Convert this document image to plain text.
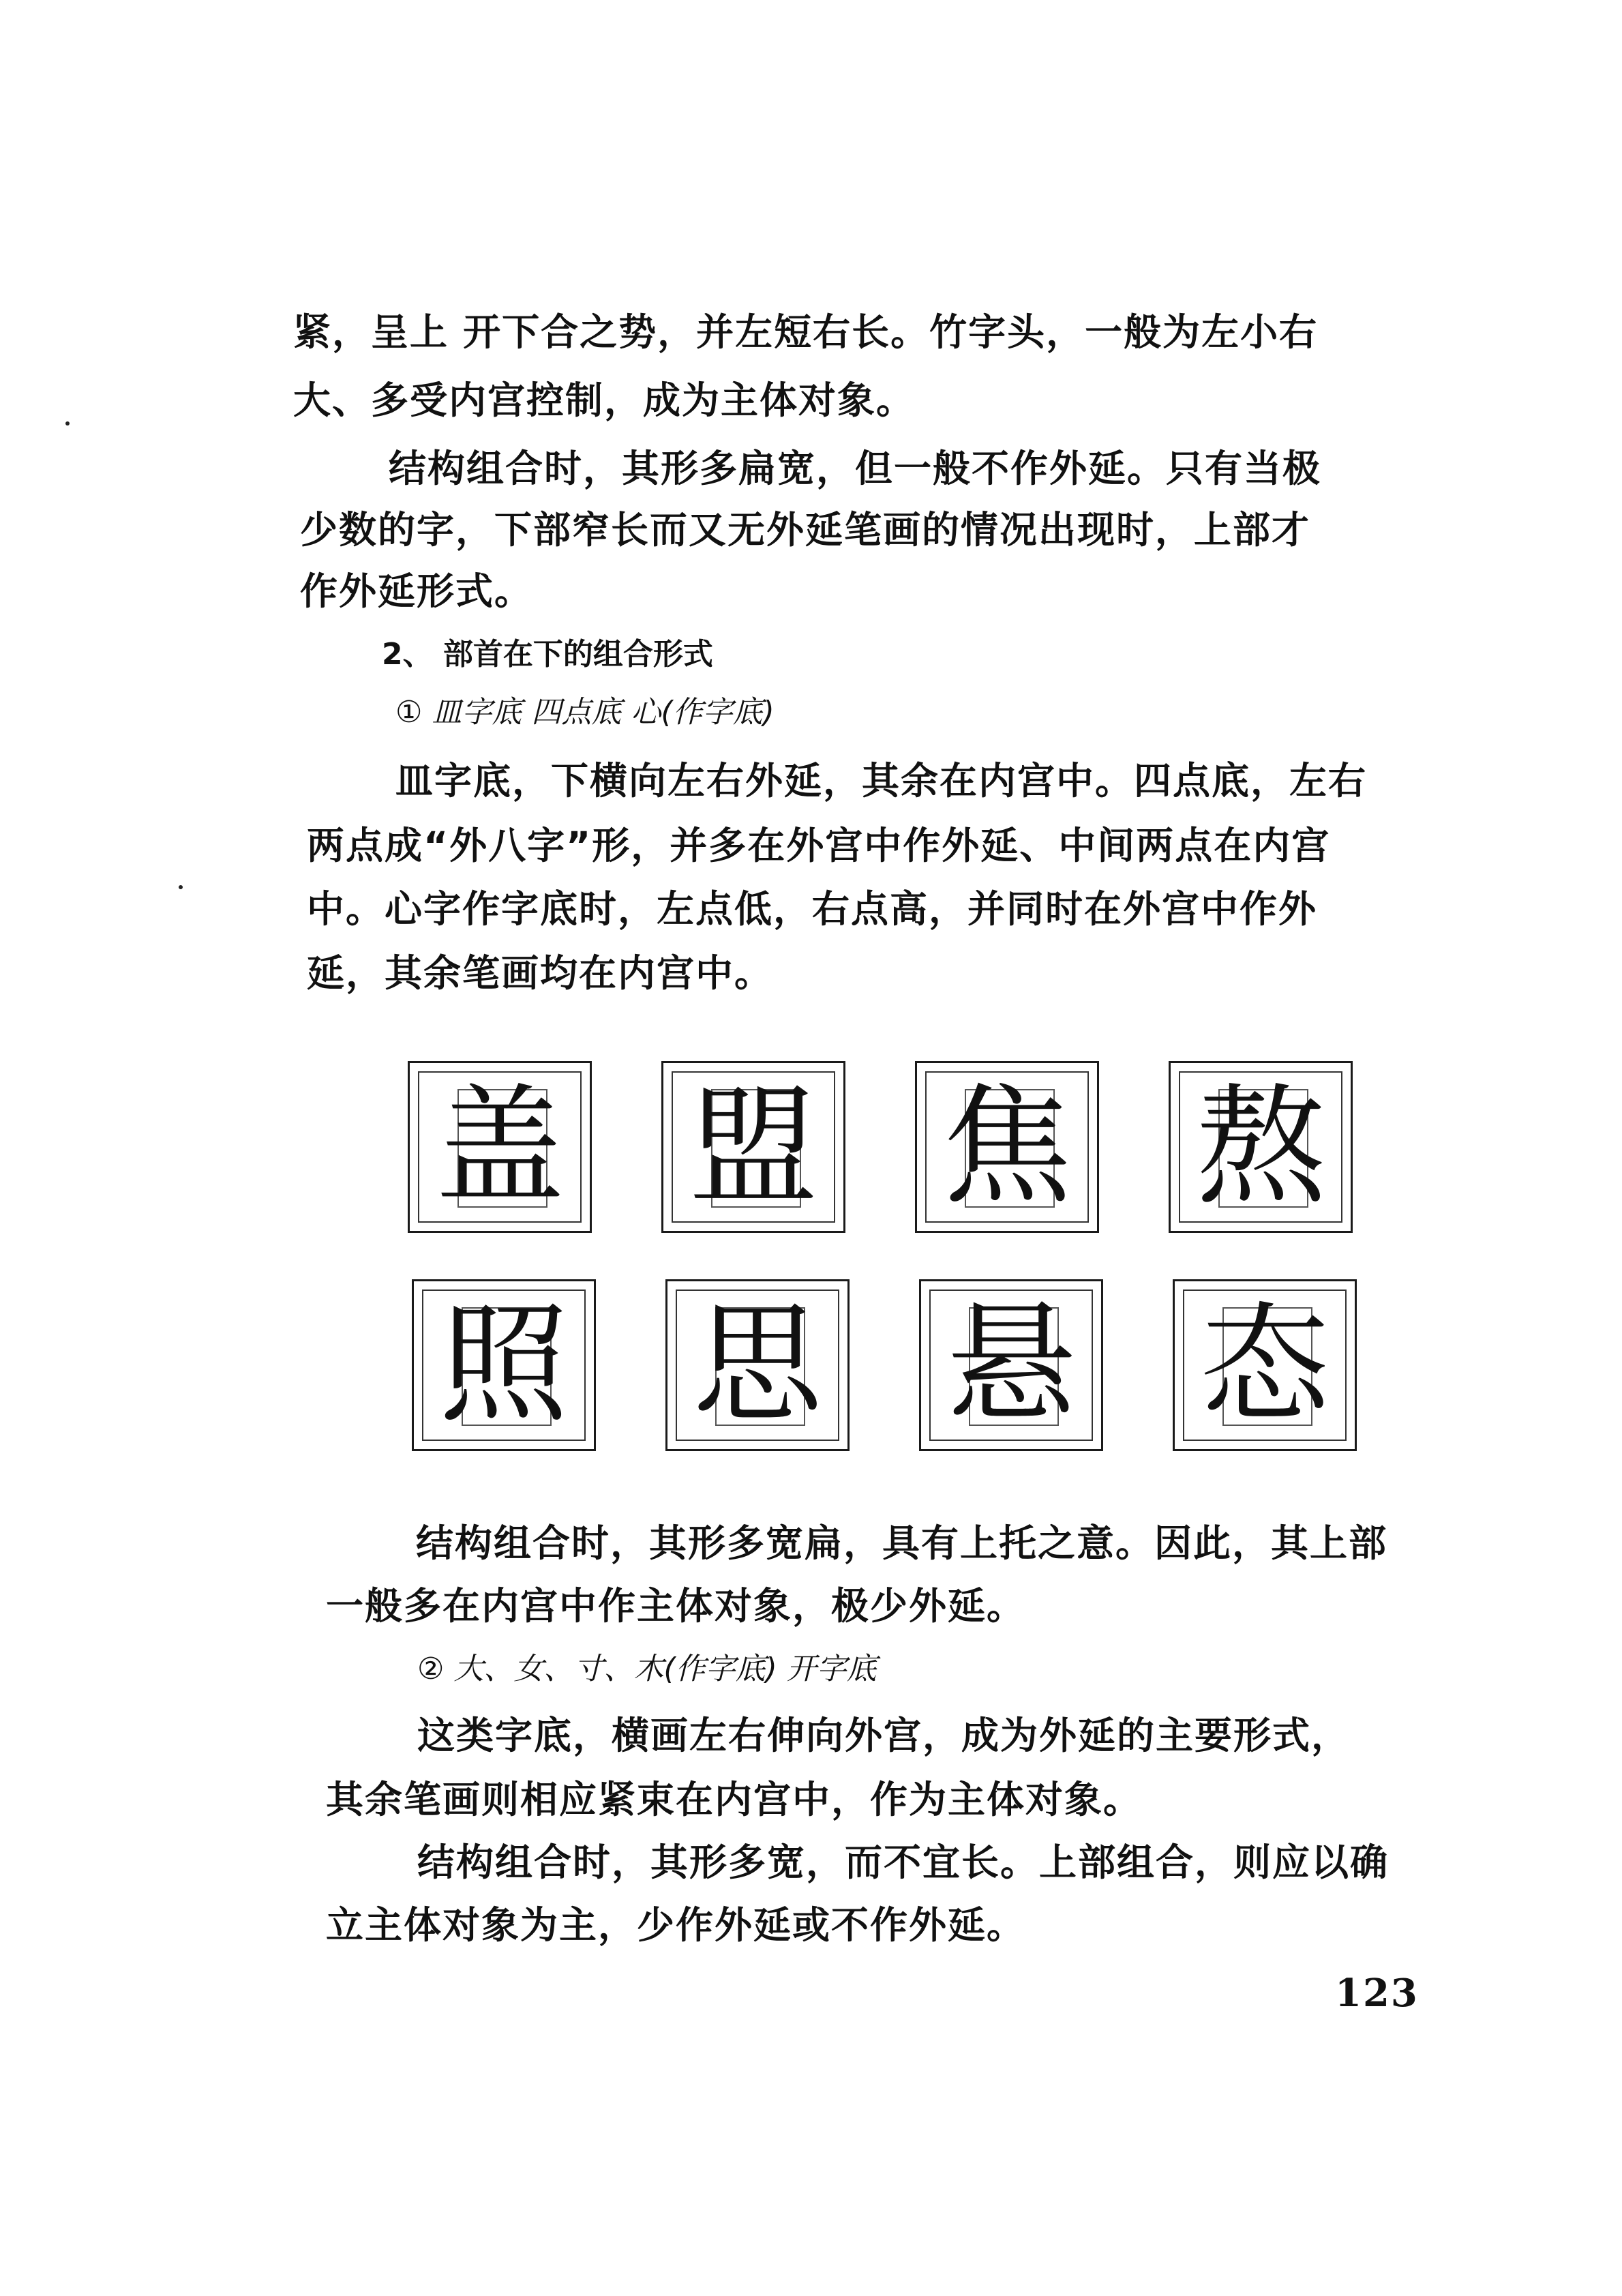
紧，呈上 开下合之势，并左短右长。竹字头，一般为左小右
大、多受内宫控制，成为主体对象。
结构组合时，其形多扁宽，但一般不作外延。只有当极
少数的字，下部窄长而又无外延笔画的情况出现时，上部才
作外延形式。
2、 部首在下的组合形式
① 皿字底 四点底 心(作字底)
皿字底，下横向左右外延，其余在内宫中。四点底，左右
两点成“外八字”形，并多在外宫中作外延、中间两点在内宫
中。心字作字底时，左点低，右点高，并同时在外宫中作外
延，其余笔画均在内宫中。
盖 盟 焦 熬
照 思 悬 态
结构组合时，其形多宽扁，具有上托之意。因此，其上部
一般多在内宫中作主体对象，极少外延。
② 大、女、寸、木(作字底) 开字底
这类字底，横画左右伸向外宫，成为外延的主要形式，
其余笔画则相应紧束在内宫中，作为主体对象。
结构组合时，其形多宽，而不宜长。上部组合，则应以确
立主体对象为主，少作外延或不作外延。
123
